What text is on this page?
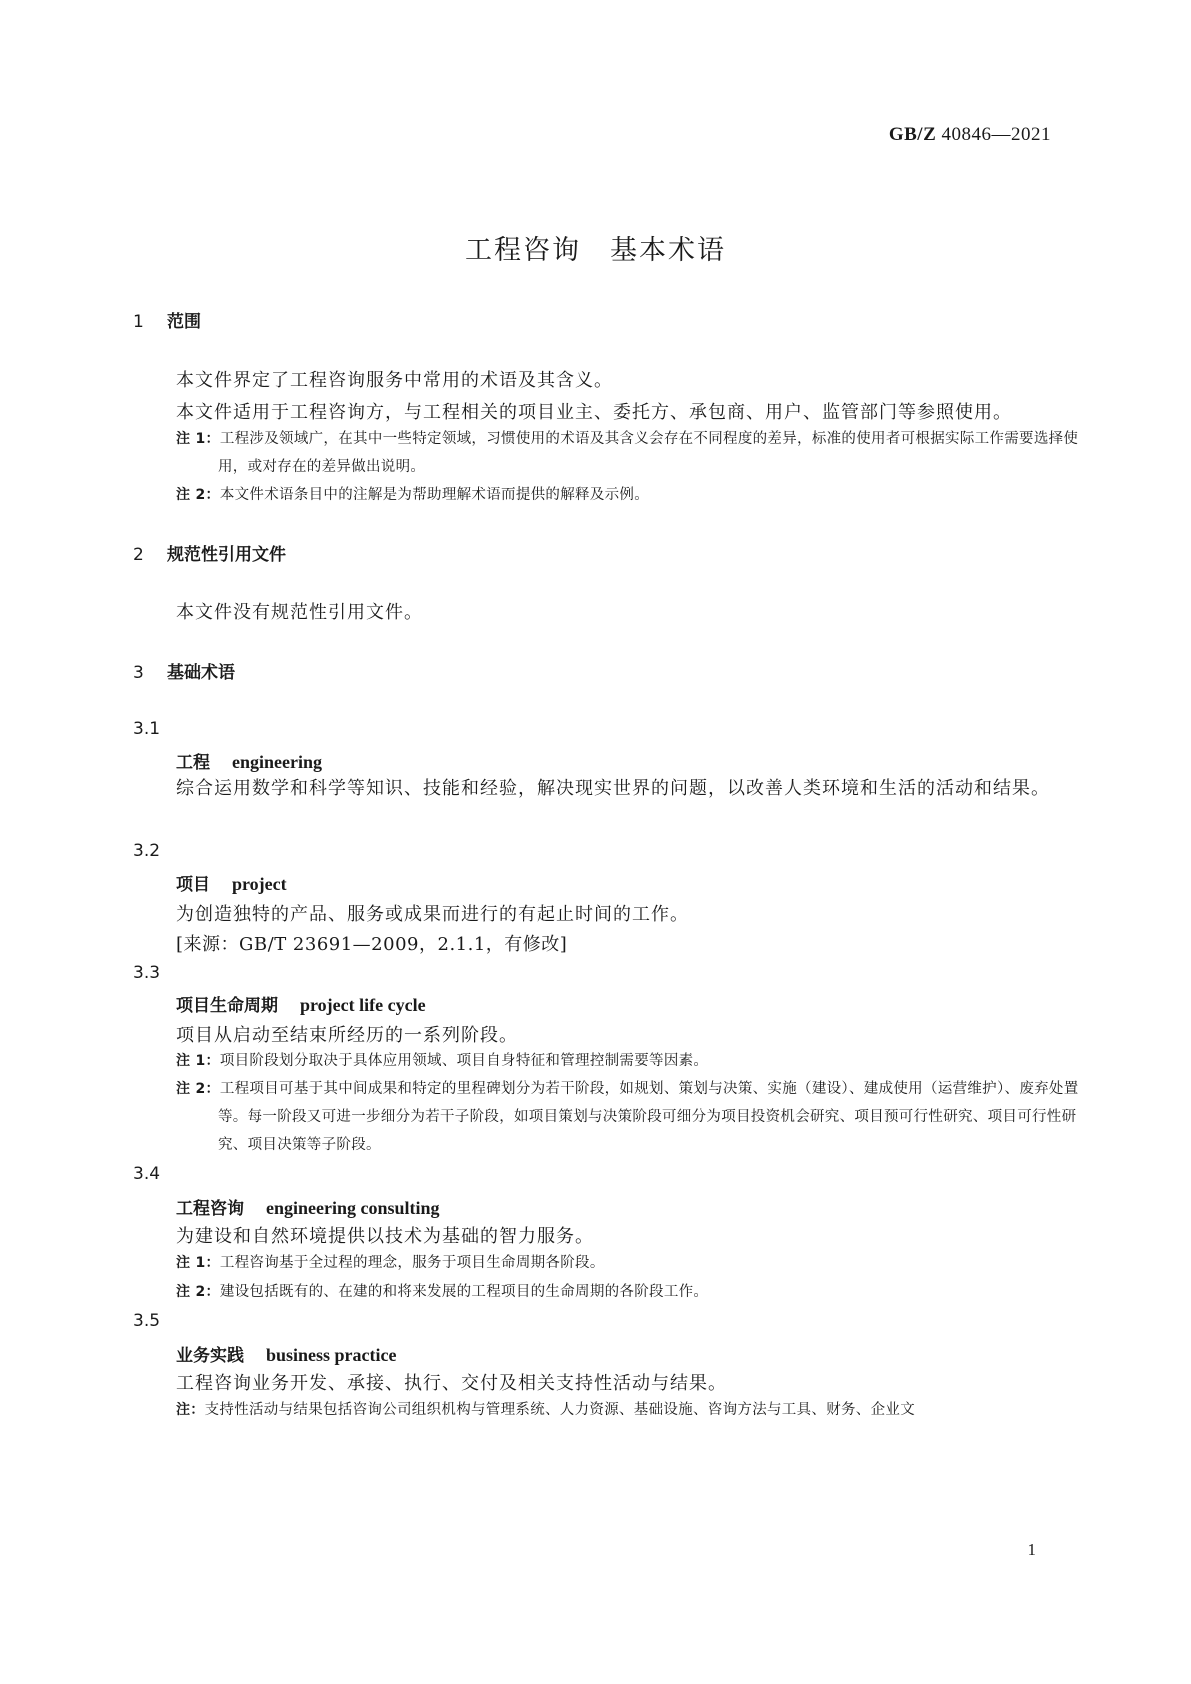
GB/Z 40846—2021
工程咨询　基本术语
1 范围
本文件界定了工程咨询服务中常用的术语及其含义。
本文件适用于工程咨询方，与工程相关的项目业主、委托方、承包商、用户、监管部门等参照使用。
注 1：工程涉及领域广，在其中一些特定领域，习惯使用的术语及其含义会存在不同程度的差异，标准的使用者可根据实际工作需要选择使用，或对存在的差异做出说明。
注 2：本文件术语条目中的注解是为帮助理解术语而提供的解释及示例。
2 规范性引用文件
本文件没有规范性引用文件。
3 基础术语
3.1
工程 engineering
综合运用数学和科学等知识、技能和经验，解决现实世界的问题，以改善人类环境和生活的活动和结果。
3.2
项目 project
为创造独特的产品、服务或成果而进行的有起止时间的工作。
[来源：GB/T 23691—2009，2.1.1，有修改]
3.3
项目生命周期 project life cycle
项目从启动至结束所经历的一系列阶段。
注 1：项目阶段划分取决于具体应用领域、项目自身特征和管理控制需要等因素。
注 2：工程项目可基于其中间成果和特定的里程碑划分为若干阶段，如规划、策划与决策、实施（建设）、建成使用（运营维护）、废弃处置等。每一阶段又可进一步细分为若干子阶段，如项目策划与决策阶段可细分为项目投资机会研究、项目预可行性研究、项目可行性研究、项目决策等子阶段。
3.4
工程咨询 engineering consulting
为建设和自然环境提供以技术为基础的智力服务。
注 1：工程咨询基于全过程的理念，服务于项目生命周期各阶段。
注 2：建设包括既有的、在建的和将来发展的工程项目的生命周期的各阶段工作。
3.5
业务实践 business practice
工程咨询业务开发、承接、执行、交付及相关支持性活动与结果。
注：支持性活动与结果包括咨询公司组织机构与管理系统、人力资源、基础设施、咨询方法与工具、财务、企业文
1
